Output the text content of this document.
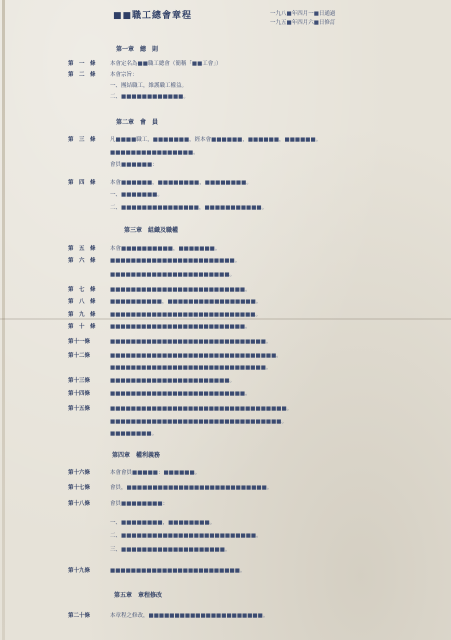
■■職工總會章程	一九八■年四月一■日通過
一九五■年四月六■日修訂
第一章　總　則
第　一　條	本會定名為■■職工總會（簡稱「■■工會」）
第　二　條	本會宗旨：
一、團結職工，維護職工權益。
二、■■■■■■■■■■■■。
第二章　會　員
第　三　條	凡■■■■職工，■■■■■■■，經本會■■■■■■，■■■■■■，■■■■■■。
■■■■■■■■■■■■■■■■。
會員■■■■■■：
第　四　條	本會■■■■■■，■■■■■■■■，■■■■■■■■。
一、■■■■■■■。
二、■■■■■■■■■■■■■■■，■■■■■■■■■■■。
第三章　組織及職權
第　五　條	本會■■■■■■■■■■，■■■■■■■。
第　六　條	■■■■■■■■■■■■■■■■■■■■■■■■。
■■■■■■■■■■■■■■■■■■■■■■■。
第　七　條	■■■■■■■■■■■■■■■■■■■■■■■■■■。
第　八　條	■■■■■■■■■■，■■■■■■■■■■■■■■■■■。
第　九　條	■■■■■■■■■■■■■■■■■■■■■■■■■■■■。
第　十　條	■■■■■■■■■■■■■■■■■■■■■■■■■■。
第十一條	■■■■■■■■■■■■■■■■■■■■■■■■■■■■■■。
第十二條	■■■■■■■■■■■■■■■■■■■■■■■■■■■■■■■■。
■■■■■■■■■■■■■■■■■■■■■■■■■■■■■■。
第十三條	■■■■■■■■■■■■■■■■■■■■■■■。
第十四條	■■■■■■■■■■■■■■■■■■■■■■■■■■。
第十五條	■■■■■■■■■■■■■■■■■■■■■■■■■■■■■■■■■■。
■■■■■■■■■■■■■■■■■■■■■■■■■■■■■■■■■。
■■■■■■■■。
第四章　權利義務
第十六條	本會會員■■■■■：■■■■■■。
第十七條	會員，■■■■■■■■■■■■■■■■■■■■■■■■■■■。
第十八條	會員■■■■■■■■：
一、■■■■■■■■，■■■■■■■■。
二、■■■■■■■■■■■■■■■■■■■■■■■■■■。
三、■■■■■■■■■■■■■■■■■■■■。
第十九條	■■■■■■■■■■■■■■■■■■■■■■■■■。
第五章　章程修改
第二十條	本章程之修改，■■■■■■■■■■■■■■■■■■■■■■。
